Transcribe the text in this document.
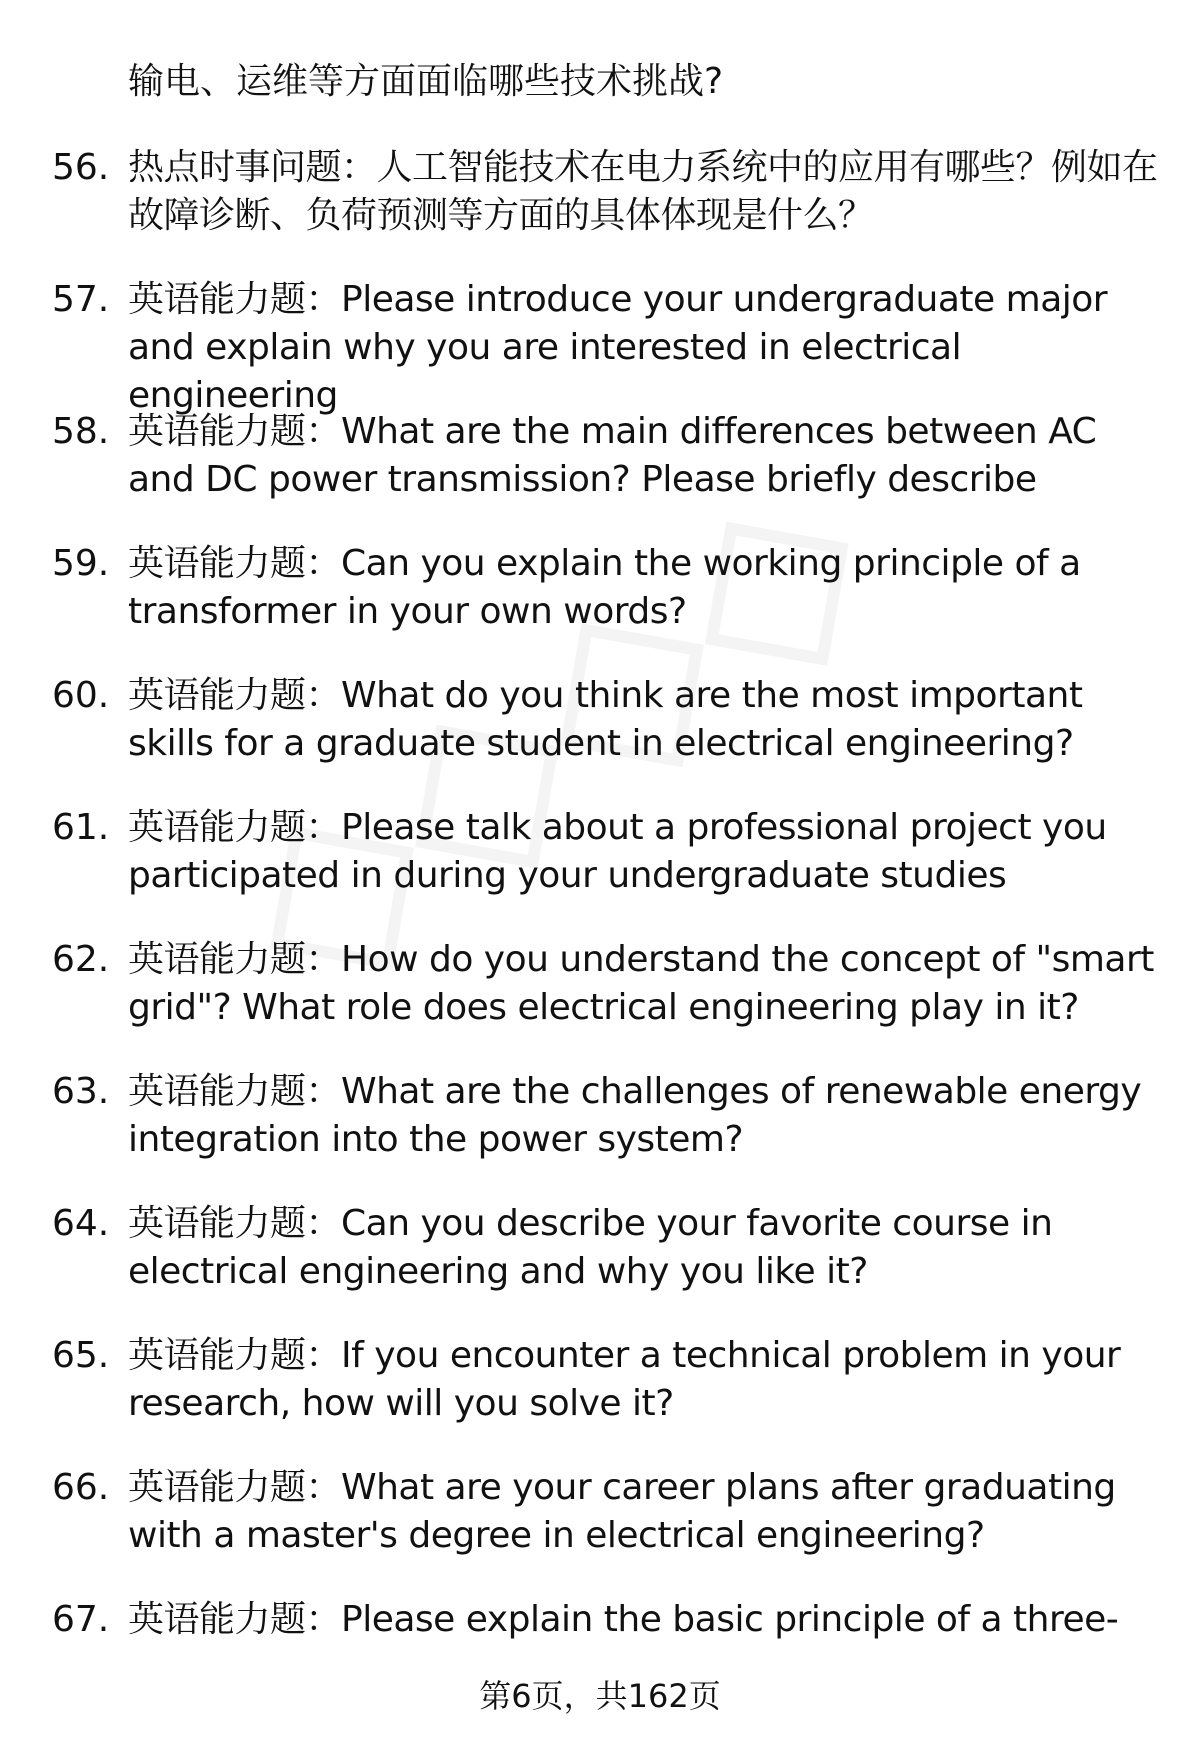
输电、运维等方面面临哪些技术挑战?
56. 热点时事问题：人工智能技术在电力系统中的应用有哪些？例如在故障诊断、负荷预测等方面的具体体现是什么？
57. 英语能力题：Please introduce your undergraduate major and explain why you are interested in electrical engineering
58. 英语能力题：What are the main differences between AC and DC power transmission? Please briefly describe
59. 英语能力题：Can you explain the working principle of a transformer in your own words?
60. 英语能力题：What do you think are the most important skills for a graduate student in electrical engineering?
61. 英语能力题：Please talk about a professional project you participated in during your undergraduate studies
62. 英语能力题：How do you understand the concept of "smart grid"? What role does electrical engineering play in it?
63. 英语能力题：What are the challenges of renewable energy integration into the power system?
64. 英语能力题：Can you describe your favorite course in electrical engineering and why you like it?
65. 英语能力题：If you encounter a technical problem in your research, how will you solve it?
66. 英语能力题：What are your career plans after graduating with a master's degree in electrical engineering?
67. 英语能力题：Please explain the basic principle of a three-
第6页，共162页
